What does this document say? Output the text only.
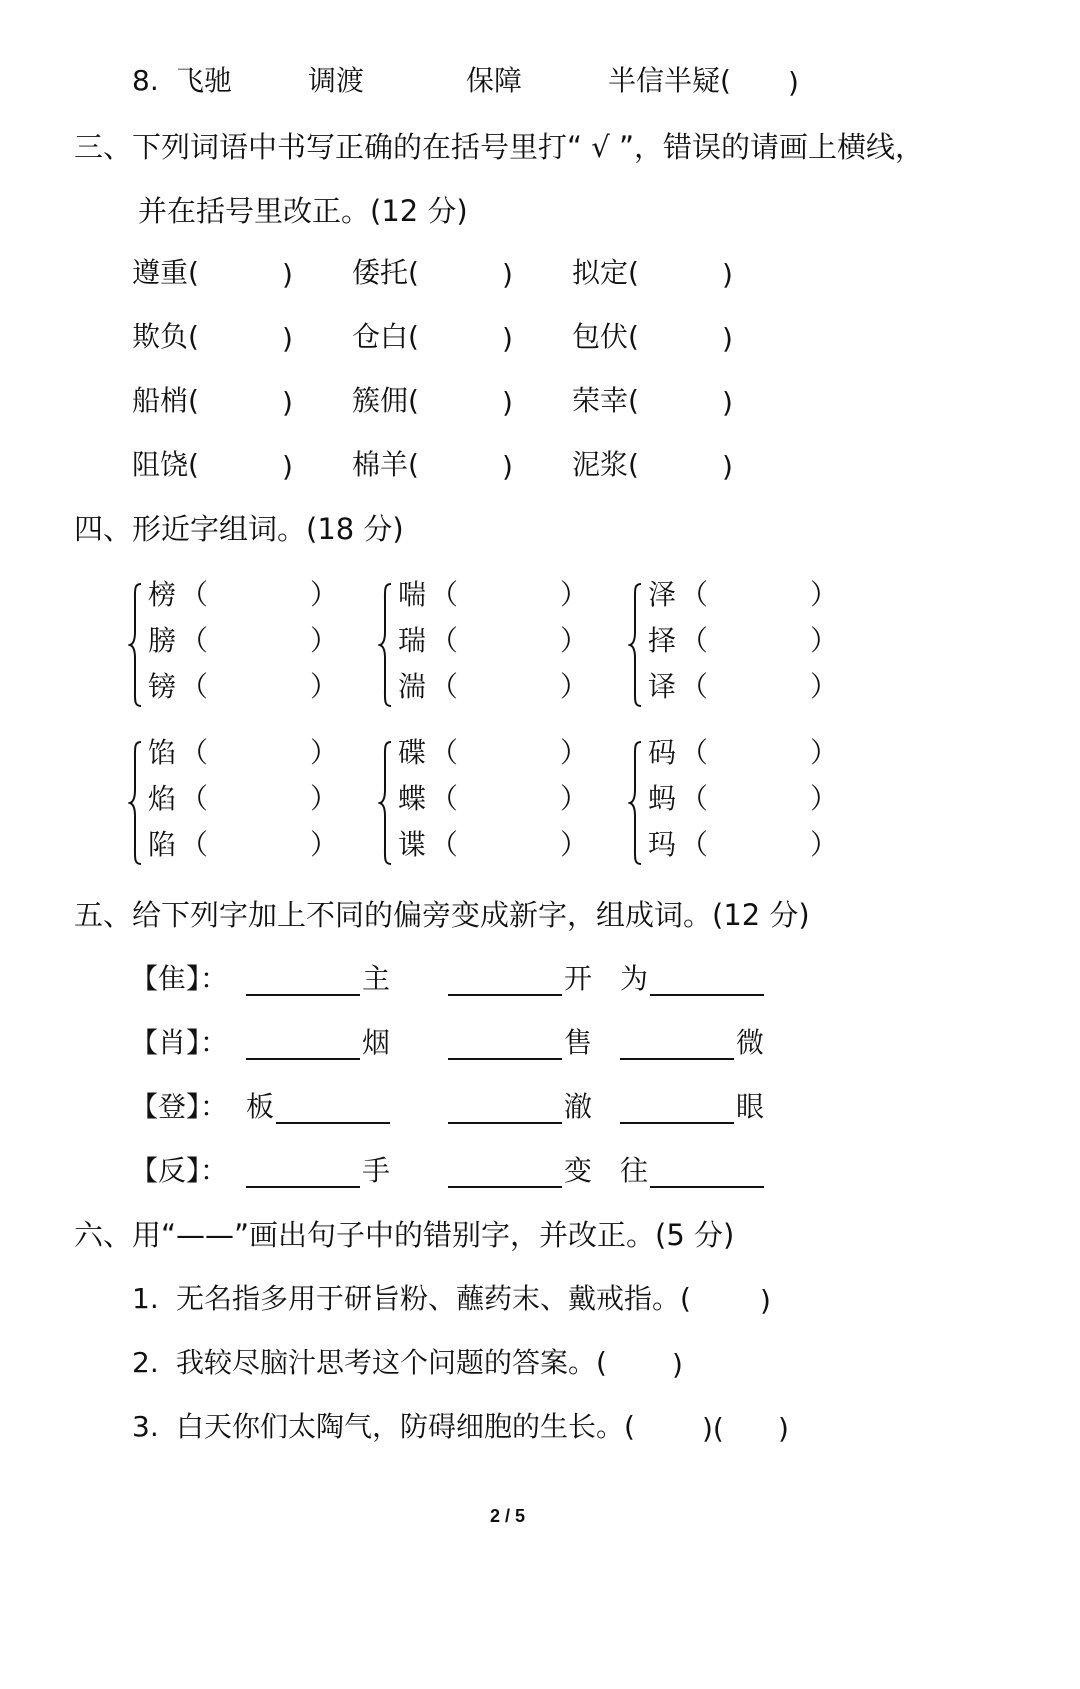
8. 飞驰	调渡	保障	半信半疑( )
三、下列词语中书写正确的在括号里打“ √ ”，错误的请画上横线，
并在括号里改正。(12 分)
遵重(	) 倭托(	) 拟定(	)
欺负(	) 仓白(	) 包伏(	)
船梢(	) 簇佣(	) 荣幸(	)
阻饶(	) 棉羊(	) 泥浆(	)
四、形近字组词。(18 分)
榜 （	）
膀 （	）
镑 （	）
喘 （	）
瑞 （	）
湍 （	）
泽 （	）
择 （	）
译 （	）
馅 （	）
焰 （	）
陷 （	）
碟 （	）
蝶 （	）
谍 （	）
码 （	）
蚂 （	）
玛 （	）
五、给下列字加上不同的偏旁变成新字，组成词。(12 分)
【隹】：	主	开 为
【肖】：	烟	售	微
【登】： 板	澈	眼
【反】：	手	变 往
六、用“——”画出句子中的错别字，并改正。(5 分)
1. 无名指多用于研旨粉、蘸药末、戴戒指。( )
2. 我较尽脑汁思考这个问题的答案。( )
3. 白天你们太陶气，防碍细胞的生长。( )( )
2 / 5
